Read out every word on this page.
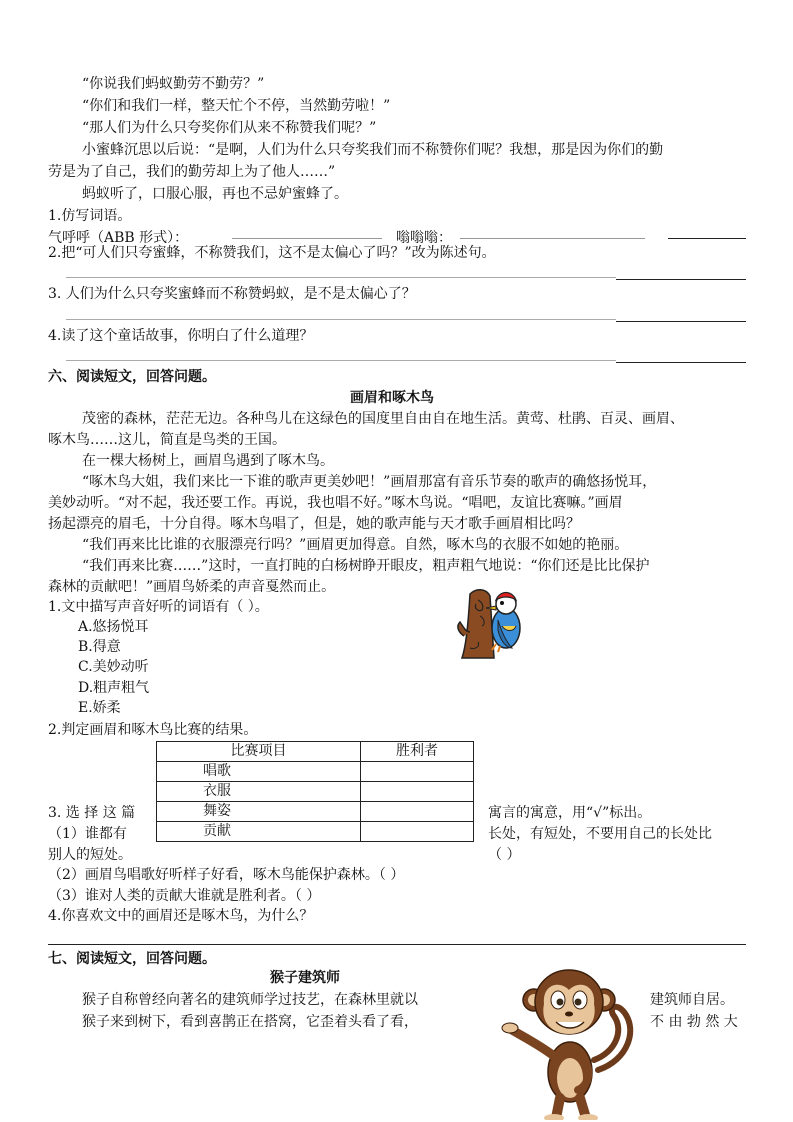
“你说我们蚂蚁勤劳不勤劳？”
“你们和我们一样，整天忙个不停，当然勤劳啦！”
“那人们为什么只夸奖你们从来不称赞我们呢？”
小蜜蜂沉思以后说：“是啊，人们为什么只夸奖我们而不称赞你们呢？我想，那是因为你们的勤
劳是为了自己，我们的勤劳却上为了他人……”
蚂蚁听了，口服心服，再也不忌妒蜜蜂了。
1.仿写词语。
气呼呼（ABB 形式）：	嗡嗡嗡：
2.把“可人们只夸蜜蜂，不称赞我们，这不是太偏心了吗？”改为陈述句。
3. 人们为什么只夸奖蜜蜂而不称赞蚂蚁，是不是太偏心了？
4.读了这个童话故事，你明白了什么道理？
六、阅读短文，回答问题。
画眉和啄木鸟
茂密的森林，茫茫无边。各种鸟儿在这绿色的国度里自由自在地生活。黄莺、杜鹃、百灵、画眉、
啄木鸟……这儿，简直是鸟类的王国。
在一棵大杨树上，画眉鸟遇到了啄木鸟。
“啄木鸟大姐，我们来比一下谁的歌声更美妙吧！”画眉那富有音乐节奏的歌声的确悠扬悦耳，
美妙动听。“对不起，我还要工作。再说，我也唱不好。”啄木鸟说。“唱吧，友谊比赛嘛。”画眉
扬起漂亮的眉毛，十分自得。啄木鸟唱了，但是，她的歌声能与天才歌手画眉相比吗？
“我们再来比比谁的衣服漂亮行吗？”画眉更加得意。自然，啄木鸟的衣服不如她的艳丽。
“我们再来比赛……”这时，一直打盹的白杨树睁开眼皮，粗声粗气地说：“你们还是比比保护
森林的贡献吧！”画眉鸟娇柔的声音戛然而止。
1.文中描写声音好听的词语有（ ）。
A.悠扬悦耳
B.得意
C.美妙动听
D.粗声粗气
E.娇柔
2.判定画眉和啄木鸟比赛的结果。
比赛项目	胜利者
唱歌	
衣服	
舞姿	
贡献	
3. 选 择 这 篇	寓言的寓意，用“√”标出。
（1）谁都有	长处，有短处，不要用自己的长处比
别人的短处。	（ ）
（2）画眉鸟唱歌好听样子好看，啄木鸟能保护森林。（ ）
（3）谁对人类的贡献大谁就是胜利者。（ ）
4.你喜欢文中的画眉还是啄木鸟，为什么？
七、阅读短文，回答问题。
猴子建筑师
猴子自称曾经向著名的建筑师学过技艺，在森林里就以	建筑师自居。
猴子来到树下，看到喜鹊正在搭窝，它歪着头看了看，	不 由 勃 然 大
